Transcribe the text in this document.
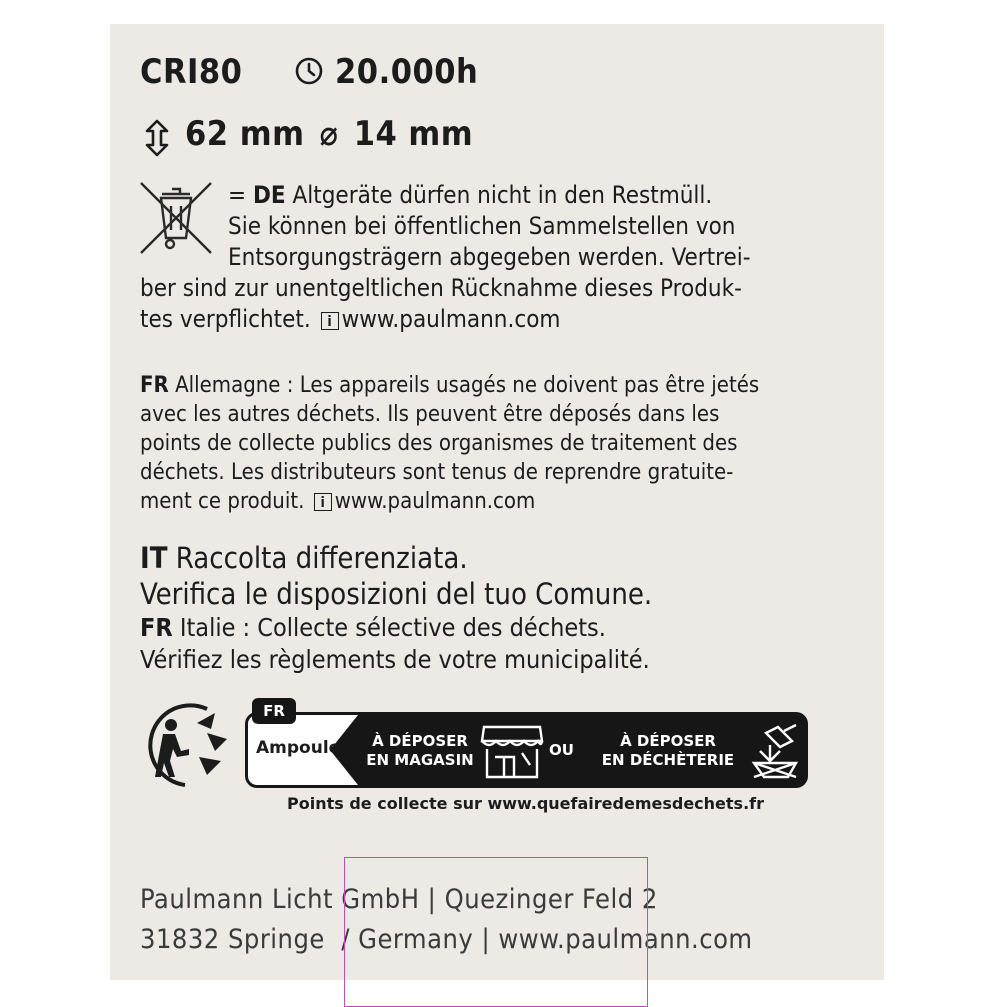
CRI80	20.000h
62 mm ⌀ 14 mm
= DE Altgeräte dürfen nicht in den Restmüll.
Sie können bei öffentlichen Sammelstellen von
Entsorgungsträgern abgegeben werden. Vertrei-
ber sind zur unentgeltlichen Rücknahme dieses Produk-
tes verpflichtet. i www.paulmann.com
FR Allemagne : Les appareils usagés ne doivent pas être jetés
avec les autres déchets. Ils peuvent être déposés dans les
points de collecte publics des organismes de traitement des
déchets. Les distributeurs sont tenus de reprendre gratuite-
ment ce produit. i www.paulmann.com
IT Raccolta differenziata.
Verifica le disposizioni del tuo Comune.
FR Italie : Collecte sélective des déchets.
Vérifiez les règlements de votre municipalité.
Ampoules	À DÉPOSER
EN MAGASIN
OU	À DÉPOSER
EN DÉCHÈTERIE
FR
Points de collecte sur www.quefairedemesdechets.fr
Paulmann Licht GmbH | Quezinger Feld 2
31832 Springe  / Germany | www.paulmann.com
